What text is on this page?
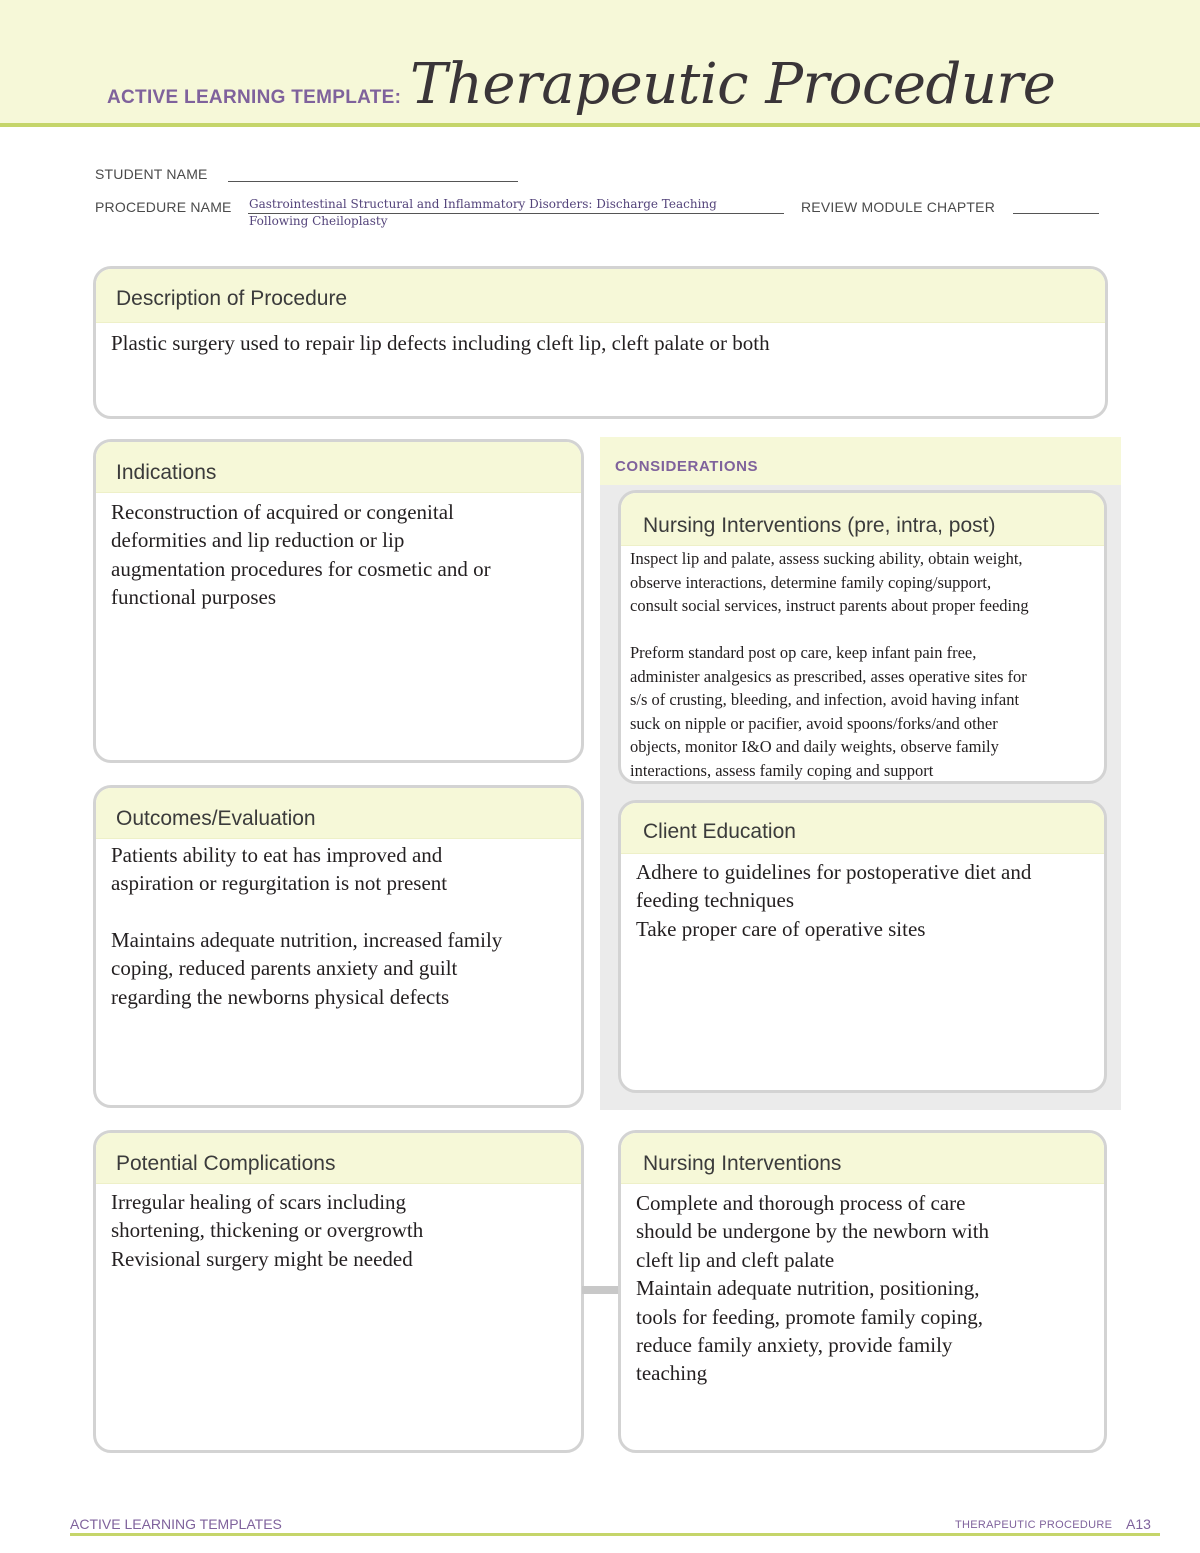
ACTIVE LEARNING TEMPLATE: Therapeutic Procedure
STUDENT NAME
PROCEDURE NAME Gastrointestinal Structural and Inflammatory Disorders: Discharge Teaching
Following Cheiloplasty
REVIEW MODULE CHAPTER
Description of Procedure
Plastic surgery used to repair lip defects including cleft lip, cleft palate or both
Indications
Reconstruction of acquired or congenital
deformities and lip reduction or lip
augmentation procedures for cosmetic and or
functional purposes
Outcomes/Evaluation
Patients ability to eat has improved and
aspiration or regurgitation is not present
Maintains adequate nutrition, increased family
coping, reduced parents anxiety and guilt
regarding the newborns physical defects
CONSIDERATIONS
Nursing Interventions (pre, intra, post)
Inspect lip and palate, assess sucking ability, obtain weight,
observe interactions, determine family coping/support,
consult social services, instruct parents about proper feeding
Preform standard post op care, keep infant pain free,
administer analgesics as prescribed, asses operative sites for
s/s of crusting, bleeding, and infection, avoid having infant
suck on nipple or pacifier, avoid spoons/forks/and other
objects, monitor I&O and daily weights, observe family
interactions, assess family coping and support
Client Education
Adhere to guidelines for postoperative diet and
feeding techniques
Take proper care of operative sites
Potential Complications
Irregular healing of scars including
shortening, thickening or overgrowth
Revisional surgery might be needed
Nursing Interventions
Complete and thorough process of care
should be undergone by the newborn with
cleft lip and cleft palate
Maintain adequate nutrition, positioning,
tools for feeding, promote family coping,
reduce family anxiety, provide family
teaching
ACTIVE LEARNING TEMPLATES	THERAPEUTIC PROCEDURE A13
